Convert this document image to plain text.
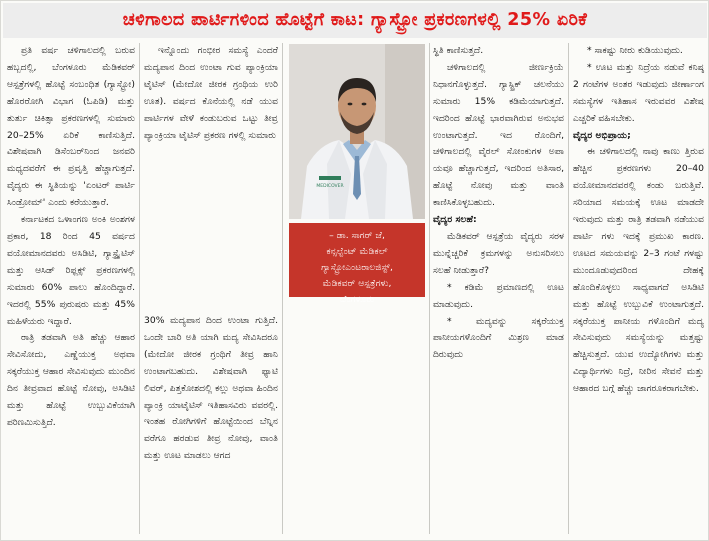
ಚಳಿಗಾಲದ ಪಾರ್ಟಿಗಳಿಂದ ಹೊಟ್ಟೆಗೆ ಕಾಟ: ಗ್ಯಾಸ್ಟ್ರೋ ಪ್ರಕರಣಗಳಲ್ಲಿ 25% ಏರಿಕೆ

ಪ್ರತಿ ವರ್ಷ ಚಳಿಗಾಲದಲ್ಲಿ ಬರುವ ಹಬ್ಬದಲ್ಲಿ, ಬೆಂಗಳೂರು ಮೆಡಿಕವರ್ ಆಸ್ಪತ್ರೆಗಳಲ್ಲಿ ಹೊಟ್ಟೆ ಸಂಬಂಧಿತ (ಗ್ಯಾಸ್ಟ್ರೋ) ಹೊರರೋಗಿ ವಿಭಾಗ (ಓಪಿಡಿ) ಮತ್ತು ತುರ್ತು ಚಿಕಿತ್ಸಾ ಪ್ರಕರಣಗಳಲ್ಲಿ ಸುಮಾರು 20–25% ಏರಿಕೆ ಕಾಣಿಸುತ್ತಿದೆ. ವಿಶೇಷವಾಗಿ ಡಿಸೆಂಬರ್‌ನಿಂದ ಜನವರಿ ಮಧ್ಯದವರೆಗೆ ಈ ಪ್ರವೃತ್ತಿ ಹೆಚ್ಚಾಗುತ್ತದೆ. ವೈದ್ಯರು ಈ ಸ್ಥಿತಿಯನ್ನು 'ಏಂಟರ್ ಪಾರ್ಟಿ ಸಿಂಡ್ರೋಮ್' ಎಂದು ಕರೆಯುತ್ತಾರೆ.

ಕರ್ನಾಟಕದ ಒಳಾಂಗಣ ಅಂಕಿ ಅಂಶಗಳ ಪ್ರಕಾರ, 18 ರಿಂದ 45 ವರ್ಷದ ವಯೋಮಾನದವರು ಅಸಿಡಿಟಿ, ಗ್ಯಾಸ್ಟ್ರೈಟಿಸ್ ಮತ್ತು ಆಸಿಡ್ ರಿಫ್ಲಕ್ಸ್ ಪ್ರಕರಣಗಳಲ್ಲಿ ಸುಮಾರು 60% ಪಾಲು ಹೊಂದಿದ್ದಾರೆ. ಇದರಲ್ಲಿ 55% ಪುರುಷರು ಮತ್ತು 45% ಮಹಿಳೆಯರು ಇದ್ದಾರೆ.

ರಾತ್ರಿ ತಡವಾಗಿ ಅತಿ ಹೆಚ್ಚು ಆಹಾರ ಸೇವಿಸೋದು, ಎಣ್ಣೆಯುಕ್ತ ಅಥವಾ ಸಕ್ಕರೆಯುಕ್ತ ಆಹಾರ ಸೇವಿಸುವುದು ಮುಂದಿನ ದಿನ ತೀವ್ರವಾದ ಹೊಟ್ಟೆ ನೋವು, ಅಸಿಡಿಟಿ ಮತ್ತು ಹೊಟ್ಟೆ ಉಬ್ಬುವಿಕೆಯಾಗಿ ಪರಿಣಮಿಸುತ್ತಿದೆ.

ಇನ್ನೊಂದು ಗಂಭೀರ ಸಮಸ್ಯೆ ಎಂದರೆ ಮದ್ಯಪಾನ ದಿಂದ ಉಂಟಾ ಗುವ ಪ್ಯಾಂಕ್ರಿಯಾ ಟೈಟಿಸ್ (ಮೇದೋ ಜೀರಕ ಗ್ರಂಥಿಯ ಉರಿ ಊತ). ವರ್ಷದ ಕೊನೆಯಲ್ಲಿ ನಡೆ ಯುವ ಪಾರ್ಟಿಗಳ ವೇಳೆ ಕಂಡುಬರುವ ಒಟ್ಟು ತೀವ್ರ ಪ್ಯಾಂಕ್ರಿಯಾ ಟೈಟಿಸ್ ಪ್ರಕರಣ ಗಳಲ್ಲಿ ಸುಮಾರು

30% ಮದ್ಯಪಾನ ದಿಂದ ಉಂಟಾ ಗುತ್ತಿದೆ. ಒಂದೇ ಬಾರಿ ಅತಿ ಯಾಗಿ ಮದ್ಯ ಸೇವಿಸಿದರೂ (ಮೇದೋ ಜೀರಕ ಗ್ರಂಥಿಗೆ ತೀವ್ರ ಹಾನಿ ಉಂಟಾಗಬಹುದು. ವಿಶೇಷವಾಗಿ ಫ್ಯಾಟಿ ಲಿವರ್, ಪಿತ್ತಕೋಶದಲ್ಲಿ ಕಲ್ಲು ಅಥವಾ ಹಿಂದಿನ ಪ್ಯಾಂಕ್ರಿ ಯಾಟೈಟಿಸ್ ಇತಿಹಾಸವಿರು ವವರಲ್ಲಿ. ಇಂತಹ ರೋಗಿಗಳಿಗೆ ಹೊಟ್ಟೆಯಿಂದ ಬೆನ್ನಿನ ವರೆಗೂ ಹರಡುವ ತೀವ್ರ ನೋವು, ವಾಂತಿ ಮತ್ತು ಊಟ ಮಾಡಲು ಆಗದ

MEDICOVER

– ಡಾ. ಸಾಗರ್ ಜೆ,

ಕನ್ಸಲ್ಟೆಂಟ್ ಮೆಡಿಕಲ್

ಗ್ಯಾಸ್ಟ್ರೋಎಂಟರಾಲಜಿಸ್ಟ್,

ಮೆಡಿಕವರ್ ಆಸ್ಪತ್ರೆಗಳು,

ಬೆಂಗಳೂರು

ಸ್ಥಿತಿ ಕಾಣಿಸುತ್ತದೆ.

ಚಳಿಗಾಲದಲ್ಲಿ ಜೀರ್ಣಕ್ರಿಯೆ ನಿಧಾನಗೊಳ್ಳುತ್ತದೆ. ಗ್ಯಾಸ್ಟ್ರಿಕ್ ಚಲನೆಯು ಸುಮಾರು 15% ಕಡಿಮೆಯಾಗುತ್ತದೆ. ಇದರಿಂದ ಹೊಟ್ಟೆ ಭಾರವಾಗಿರುವ ಅನುಭವ ಉಂಟಾಗುತ್ತದೆ. ಇದ ರೊಂದಿಗೆ, ಚಳಿಗಾಲದಲ್ಲಿ ವೈರಲ್ ಸೋಂಕುಗಳ ಅಪಾ ಯವೂ ಹೆಚ್ಚಾಗುತ್ತದೆ, ಇದರಿಂದ ಅತಿಸಾರ, ಹೊಟ್ಟೆ ನೋವು ಮತ್ತು ವಾಂತಿ ಕಾಣಿಸಿಕೊಳ್ಳಬಹುದು.

ವೈದ್ಯರ ಸಲಹೆ:

ಮೆಡಿಕವರ್ ಆಸ್ಪತ್ರೆಯ ವೈದ್ಯರು ಸರಳ ಮುನ್ನೆಚ್ಚರಿಕೆ ಕ್ರಮಗಳನ್ನು ಅನುಸರಿಸಲು ಸಲಹೆ ನೀಡುತ್ತಾರೆ?

* ಕಡಿಮೆ ಪ್ರಮಾಣದಲ್ಲಿ ಊಟ ಮಾಡುವುದು.

* ಮದ್ಯವನ್ನು ಸಕ್ಕರೆಯುಕ್ತ ಪಾನೀಯಗಳೊಂದಿಗೆ ಮಿಶ್ರಣ ಮಾಡ ದಿರುವುದು

* ಸಾಕಷ್ಟು ನೀರು ಕುಡಿಯುವುದು.

* ಊಟ ಮತ್ತು ನಿದ್ರೆಯ ನಡುವೆ ಕನಿಷ್ಠ 2 ಗಂಟೆಗಳ ಅಂತರ ಇಡುವುದು ಜೀರ್ಣಾಂಗ ಸಮಸ್ಯೆಗಳ ಇತಿಹಾಸ ಇರುವವರ ವಿಶೇಷ ಎಚ್ಚರಿಕೆ ವಹಿಸಬೇಕು.

ವೈದ್ಯರ ಅಭಿಪ್ರಾಯ;

ಈ ಚಳಿಗಾಲದಲ್ಲಿ ನಾವು ಕಾಣು ತ್ತಿರುವ ಹೆಚ್ಚಿನ ಪ್ರಕರಣಗಳು 20–40 ವಯೋಮಾನದವರಲ್ಲಿ ಕಂಡು ಬರುತ್ತಿವೆ. ಸರಿಯಾದ ಸಮಯಕ್ಕೆ ಊಟ ಮಾಡದೇ ಇರುವುದು ಮತ್ತು ರಾತ್ರಿ ತಡವಾಗಿ ನಡೆಯುವ ಪಾರ್ಟಿ ಗಳು ಇದಕ್ಕೆ ಪ್ರಮುಖ ಕಾರಣ. ಊಟದ ಸಮಯವನ್ನು 2–3 ಗಂಟೆ ಗಳಷ್ಟು ಮುಂದೂಡುವುದರಿಂದ ದೇಹಕ್ಕೆ ಹೊಂದಿಕೊಳ್ಳಲು ಸಾಧ್ಯವಾಗದೆ ಅಸಿಡಿಟಿ ಮತ್ತು ಹೊಟ್ಟೆ ಉಬ್ಬುವಿಕೆ ಉಂಟಾಗುತ್ತದೆ. ಸಕ್ಕರೆಯುಕ್ತ ಪಾನೀಯ ಗಳೊಂದಿಗೆ ಮದ್ಯ ಸೇವಿಸುವುದು ಸಮಸ್ಯೆಯನ್ನು ಮತ್ತಷ್ಟು ಹೆಚ್ಚಿಸುತ್ತದೆ. ಯುವ ಉದ್ಯೋಗಿಗಳು ಮತ್ತು ವಿದ್ಯಾರ್ಥಿಗಳು ನಿದ್ರೆ, ನೀರಿನ ಸೇವನೆ ಮತ್ತು ಆಹಾರದ ಬಗ್ಗೆ ಹೆಚ್ಚು ಜಾಗರೂಕರಾಗಬೇಕು.
